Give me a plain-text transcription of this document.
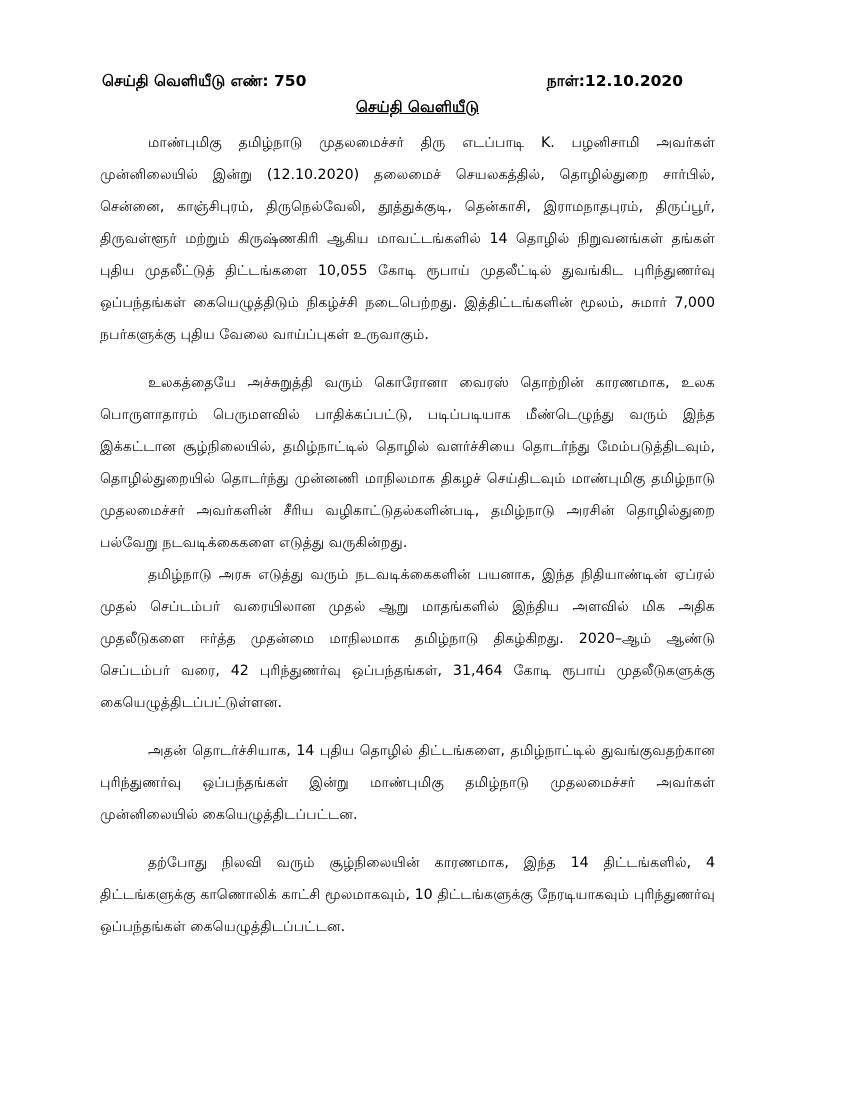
செய்தி வெளியீடு எண்: 750	நாள்:12.10.2020
செய்தி வெளியீடு

மாண்புமிகு தமிழ்நாடு முதலமைச்சர் திரு எடப்பாடி K. பழனிசாமி அவர்கள் முன்னிலையில் இன்று (12.10.2020) தலைமைச் செயலகத்தில், தொழில்துறை சார்பில், சென்னை, காஞ்சிபுரம், திருநெல்வேலி, தூத்துக்குடி, தென்காசி, இராமநாதபுரம், திருப்பூர், திருவள்ளூர் மற்றும் கிருஷ்ணகிரி ஆகிய மாவட்டங்களில் 14 தொழில் நிறுவனங்கள் தங்கள் புதிய முதலீட்டுத் திட்டங்களை 10,055 கோடி ரூபாய் முதலீட்டில் துவங்கிட புரிந்துணர்வு ஒப்பந்தங்கள் கையெழுத்திடும் நிகழ்ச்சி நடைபெற்றது. இத்திட்டங்களின் மூலம், சுமார் 7,000 நபர்களுக்கு புதிய வேலை வாய்ப்புகள் உருவாகும்.

உலகத்தையே அச்சுறுத்தி வரும் கொரோனா வைரஸ் தொற்றின் காரணமாக, உலக பொருளாதாரம் பெருமளவில் பாதிக்கப்பட்டு, படிப்படியாக மீண்டெழுந்து வரும் இந்த இக்கட்டான சூழ்நிலையில், தமிழ்நாட்டில் தொழில் வளர்ச்சியை தொடர்ந்து மேம்படுத்திடவும், தொழில்துறையில் தொடர்ந்து முன்னணி மாநிலமாக திகழச் செய்திடவும் மாண்புமிகு தமிழ்நாடு முதலமைச்சர் அவர்களின் சீரிய வழிகாட்டுதல்களின்படி, தமிழ்நாடு அரசின் தொழில்துறை பல்வேறு நடவடிக்கைகளை எடுத்து வருகின்றது.

தமிழ்நாடு அரசு எடுத்து வரும் நடவடிக்கைகளின் பயனாக, இந்த நிதியாண்டின் ஏப்ரல் முதல் செப்டம்பர் வரையிலான முதல் ஆறு மாதங்களில் இந்திய அளவில் மிக அதிக முதலீடுகளை ஈர்த்த முதன்மை மாநிலமாக தமிழ்நாடு திகழ்கிறது. 2020–ஆம் ஆண்டு செப்டம்பர் வரை, 42 புரிந்துணர்வு ஒப்பந்தங்கள், 31,464 கோடி ரூபாய் முதலீடுகளுக்கு கையெழுத்திடப்பட்டுள்ளன.

அதன் தொடர்ச்சியாக, 14 புதிய தொழில் திட்டங்களை, தமிழ்நாட்டில் துவங்குவதற்கான புரிந்துணர்வு ஒப்பந்தங்கள் இன்று மாண்புமிகு தமிழ்நாடு முதலமைச்சர் அவர்கள் முன்னிலையில் கையெழுத்திடப்பட்டன.

தற்போது நிலவி வரும் சூழ்நிலையின் காரணமாக, இந்த 14 திட்டங்களில், 4 திட்டங்களுக்கு காணொலிக் காட்சி மூலமாகவும், 10 திட்டங்களுக்கு நேரடியாகவும் புரிந்துணர்வு ஒப்பந்தங்கள் கையெழுத்திடப்பட்டன.
